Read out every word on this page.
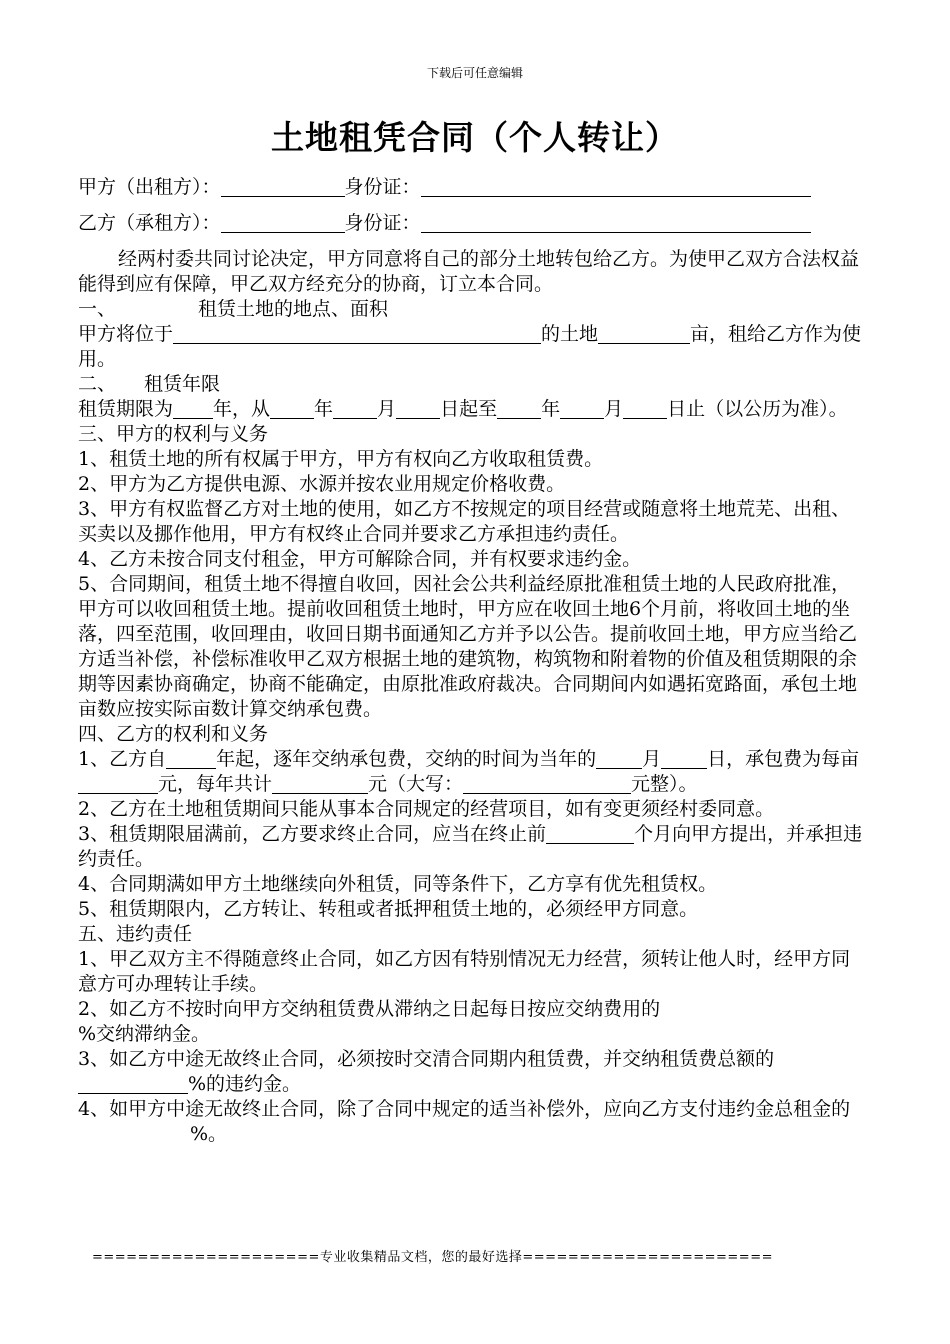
下载后可任意编辑
土地租凭合同（个人转让）
甲方（出租方）：	身份证：
乙方（承租方）：	身份证：

经两村委共同讨论决定，甲方同意将自己的部分土地转包给乙方。为使甲乙双方合法权益能得到应有保障，甲乙双方经充分的协商，订立本合同。

一、	租赁土地的地点、面积

甲方将位于	的土地	亩，租给乙方作为使用。

二、 租赁年限

租赁期限为 年，从 年 月 日起至 年 月 日止（以公历为准）。

三、甲方的权利与义务

1、租赁土地的所有权属于甲方，甲方有权向乙方收取租赁费。

2、甲方为乙方提供电源、水源并按农业用规定价格收费。

3、甲方有权监督乙方对土地的使用，如乙方不按规定的项目经营或随意将土地荒芜、出租、买卖以及挪作他用，甲方有权终止合同并要求乙方承担违约责任。

4、乙方未按合同支付租金，甲方可解除合同，并有权要求违约金。

5、合同期间，租赁土地不得擅自收回，因社会公共利益经原批准租赁土地的人民政府批准，甲方可以收回租赁土地。提前收回租赁土地时，甲方应在收回土地6个月前，将收回土地的坐落，四至范围，收回理由，收回日期书面通知乙方并予以公告。提前收回土地，甲方应当给乙方适当补偿，补偿标准收甲乙双方根据土地的建筑物，构筑物和附着物的价值及租赁期限的余期等因素协商确定，协商不能确定，由原批准政府裁决。合同期间内如遇拓宽路面，承包土地亩数应按实际亩数计算交纳承包费。

四、乙方的权利和义务

1、乙方自	年起，逐年交纳承包费，交纳的时间为当年的 月 日，承包费为每亩元，每年共计	元（大写：	元整）。

2、乙方在土地租赁期间只能从事本合同规定的经营项目，如有变更须经村委同意。

3、租赁期限届满前，乙方要求终止合同，应当在终止前	个月向甲方提出，并承担违约责任。

4、合同期满如甲方土地继续向外租赁，同等条件下，乙方享有优先租赁权。

5、租赁期限内，乙方转让、转租或者抵押租赁土地的，必须经甲方同意。

五、违约责任

1、甲乙双方主不得随意终止合同，如乙方因有特别情况无力经营，须转让他人时，经甲方同意方可办理转让手续。

2、如乙方不按时向甲方交纳租赁费从滞纳之日起每日按应交纳费用的
%交纳滞纳金。

3、如乙方中途无故终止合同，必须按时交清合同期内租赁费，并交纳租赁费总额的%的违约金。

4、如甲方中途无故终止合同，除了合同中规定的适当补偿外，应向乙方支付违约金总租金的%。

====================专业收集精品文档，您的最好选择======================
